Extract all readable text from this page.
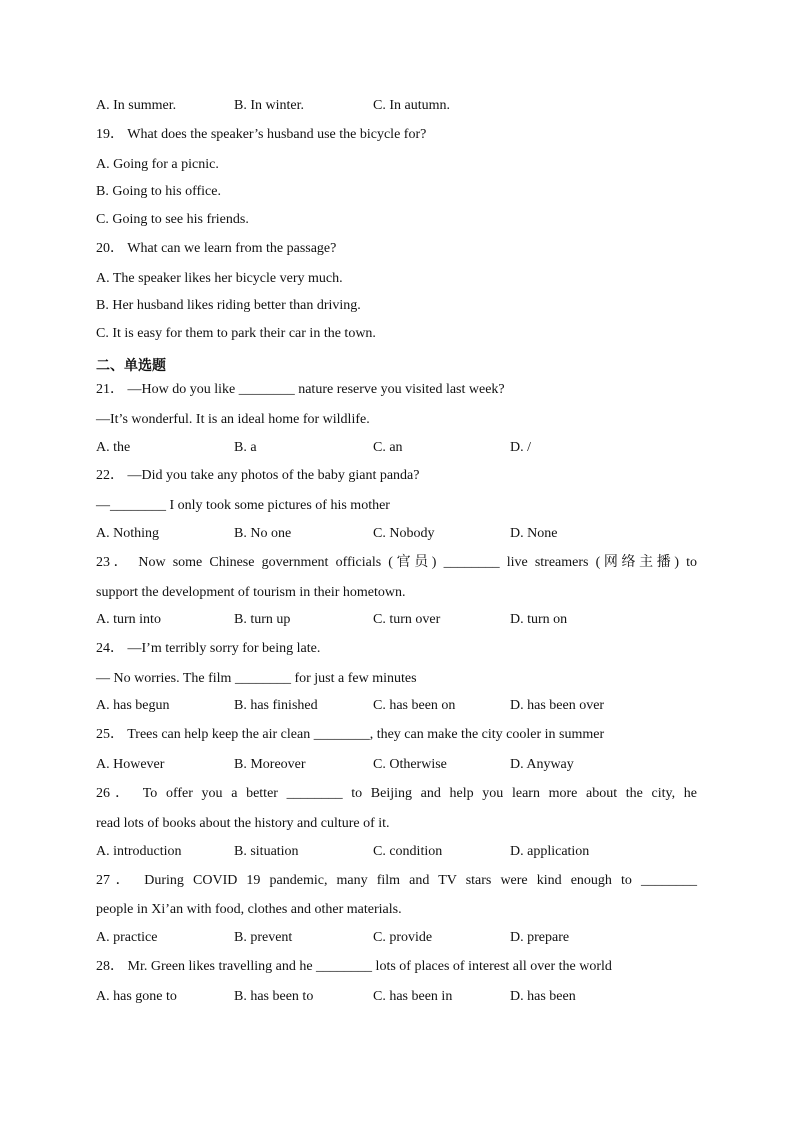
A. In summer.	B. In winter.	C. In autumn.
19． What does the speaker’s husband use the bicycle for?
A. Going for a picnic.
B. Going to his office.
C. Going to see his friends.
20． What can we learn from the passage?
A. The speaker likes her bicycle very much.
B. Her husband likes riding better than driving.
C. It is easy for them to park their car in the town.
二、单选题
21． —How do you like ________ nature reserve you visited last week?
—It’s wonderful. It is an ideal home for wildlife.
A. the	B. a	C. an	D. /
22． —Did you take any photos of the baby giant panda?
—________ I only took some pictures of his mother
A. Nothing	B. No one	C. Nobody	D. None
23． Now some Chinese government officials (官员) ________ live streamers (网络主播) to
support the development of tourism in their hometown.
A. turn into	B. turn up	C. turn over	D. turn on
24． —I’m terribly sorry for being late.
— No worries. The film ________ for just a few minutes
A. has begun	B. has finished	C. has been on	D. has been over
25． Trees can help keep the air clean ________, they can make the city cooler in summer
A. However	B. Moreover	C. Otherwise	D. Anyway
26． To offer you a better ________ to Beijing and help you learn more about the city, he
read lots of books about the history and culture of it.
A. introduction	B. situation	C. condition	D. application
27． During COVID 19 pandemic, many film and TV stars were kind enough to ________
people in Xi’an with food, clothes and other materials.
A. practice	B. prevent	C. provide	D. prepare
28． Mr. Green likes travelling and he ________ lots of places of interest all over the world
A. has gone to	B. has been to	C. has been in	D. has been
